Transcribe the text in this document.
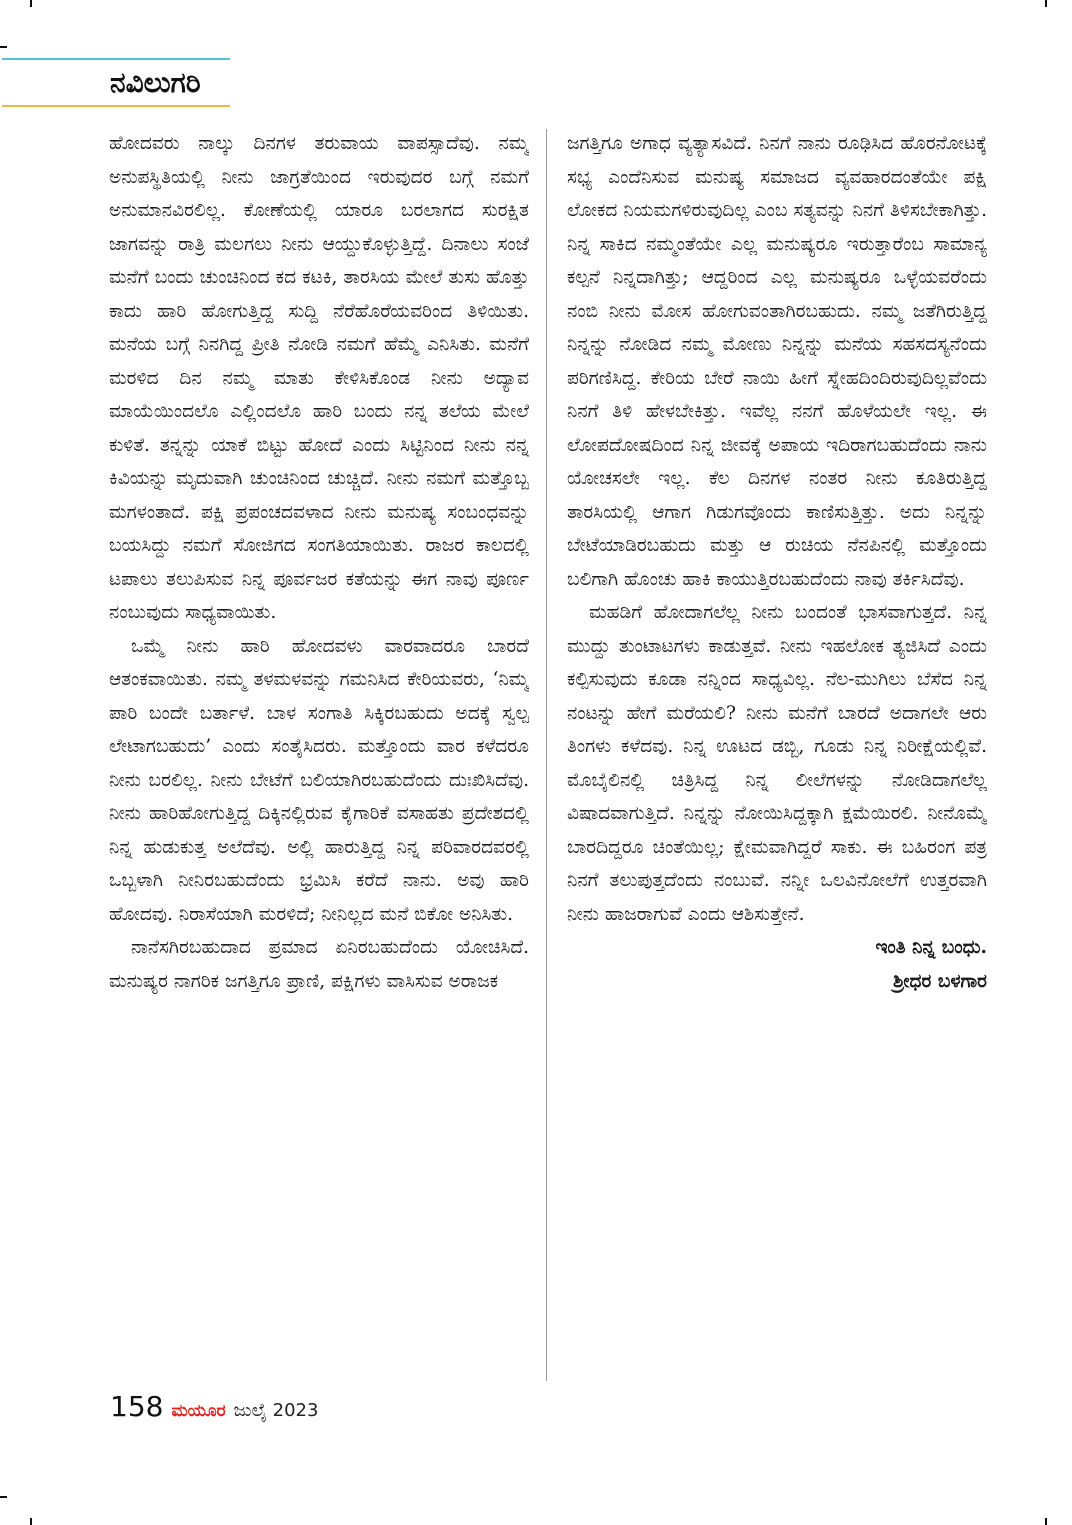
ನವಿಲುಗರಿ

ಹೋದವರು ನಾಲ್ಕು ದಿನಗಳ ತರುವಾಯ ವಾಪಸ್ಸಾದೆವು. ನಮ್ಮ ಅನುಪಸ್ಥಿತಿಯಲ್ಲಿ ನೀನು ಜಾಗ್ರತೆಯಿಂದ ಇರುವುದರ ಬಗ್ಗೆ ನಮಗೆ ಅನುಮಾನವಿರಲಿಲ್ಲ. ಕೋಣೆಯಲ್ಲಿ ಯಾರೂ ಬರಲಾಗದ ಸುರಕ್ಷಿತ ಜಾಗವನ್ನು ರಾತ್ರಿ ಮಲಗಲು ನೀನು ಆಯ್ದುಕೊಳ್ಳುತ್ತಿದ್ದೆ. ದಿನಾಲು ಸಂಜೆ ಮನೆಗೆ ಬಂದು ಚುಂಚಿನಿಂದ ಕದ ಕಟಕಿ, ತಾರಸಿಯ ಮೇಲೆ ತುಸು ಹೊತ್ತು ಕಾದು ಹಾರಿ ಹೋಗುತ್ತಿದ್ದ ಸುದ್ದಿ ನೆರೆಹೊರೆಯವರಿಂದ ತಿಳಿಯಿತು. ಮನೆಯ ಬಗ್ಗೆ ನಿನಗಿದ್ದ ಪ್ರೀತಿ ನೋಡಿ ನಮಗೆ ಹೆಮ್ಮೆ ಎನಿಸಿತು. ಮನೆಗೆ ಮರಳಿದ ದಿನ ನಮ್ಮ ಮಾತು ಕೇಳಿಸಿಕೊಂಡ ನೀನು ಅದ್ಯಾವ ಮಾಯೆಯಿಂದಲೊ ಎಲ್ಲಿಂದಲೊ ಹಾರಿ ಬಂದು ನನ್ನ ತಲೆಯ ಮೇಲೆ ಕುಳಿತೆ. ತನ್ನನ್ನು ಯಾಕೆ ಬಿಟ್ಟು ಹೋದೆ ಎಂದು ಸಿಟ್ಟಿನಿಂದ ನೀನು ನನ್ನ ಕಿವಿಯನ್ನು ಮೃದುವಾಗಿ ಚುಂಚಿನಿಂದ ಚುಚ್ಚಿದೆ. ನೀನು ನಮಗೆ ಮತ್ತೊಬ್ಬ ಮಗಳಂತಾದೆ. ಪಕ್ಷಿ ಪ್ರಪಂಚದವಳಾದ ನೀನು ಮನುಷ್ಯ ಸಂಬಂಧವನ್ನು ಬಯಸಿದ್ದು ನಮಗೆ ಸೋಜಿಗದ ಸಂಗತಿಯಾಯಿತು. ರಾಜರ ಕಾಲದಲ್ಲಿ ಟಪಾಲು ತಲುಪಿಸುವ ನಿನ್ನ ಪೂರ್ವಜರ ಕತೆಯನ್ನು ಈಗ ನಾವು ಪೂರ್ಣ ನಂಬುವುದು ಸಾಧ್ಯವಾಯಿತು.

ಒಮ್ಮೆ ನೀನು ಹಾರಿ ಹೋದವಳು ವಾರವಾದರೂ ಬಾರದೆ ಆತಂಕವಾಯಿತು. ನಮ್ಮ ತಳಮಳವನ್ನು ಗಮನಿಸಿದ ಕೇರಿಯವರು, ‘ನಿಮ್ಮ ಪಾರಿ ಬಂದೇ ಬರ್ತಾಳೆ. ಬಾಳ ಸಂಗಾತಿ ಸಿಕ್ಕಿರಬಹುದು ಅದಕ್ಕೆ ಸ್ವಲ್ಪ ಲೇಟಾಗಬಹುದು’ ಎಂದು ಸಂತೈಸಿದರು. ಮತ್ತೊಂದು ವಾರ ಕಳೆದರೂ ನೀನು ಬರಲಿಲ್ಲ. ನೀನು ಬೇಟೆಗೆ ಬಲಿಯಾಗಿರಬಹುದೆಂದು ದುಃಖಿಸಿದೆವು. ನೀನು ಹಾರಿಹೋಗುತ್ತಿದ್ದ ದಿಕ್ಕಿನಲ್ಲಿರುವ ಕೈಗಾರಿಕೆ ವಸಾಹತು ಪ್ರದೇಶದಲ್ಲಿ ನಿನ್ನ ಹುಡುಕುತ್ತ ಅಲೆದೆವು. ಅಲ್ಲಿ ಹಾರುತ್ತಿದ್ದ ನಿನ್ನ ಪರಿವಾರದವರಲ್ಲಿ ಒಬ್ಬಳಾಗಿ ನೀನಿರಬಹುದೆಂದು ಭ್ರಮಿಸಿ ಕರೆದೆ ನಾನು. ಅವು ಹಾರಿ ಹೋದವು. ನಿರಾಸೆಯಾಗಿ ಮರಳಿದೆ; ನೀನಿಲ್ಲದ ಮನೆ ಬಿಕೋ ಅನಿಸಿತು.

ನಾನೆಸಗಿರಬಹುದಾದ ಪ್ರಮಾದ ಏನಿರಬಹುದೆಂದು ಯೋಚಿಸಿದೆ. ಮನುಷ್ಯರ ನಾಗರಿಕ ಜಗತ್ತಿಗೂ ಪ್ರಾಣಿ, ಪಕ್ಷಿಗಳು ವಾಸಿಸುವ ಅರಾಜಕ

ಜಗತ್ತಿಗೂ ಅಗಾಧ ವ್ಯತ್ಯಾಸವಿದೆ. ನಿನಗೆ ನಾನು ರೂಢಿಸಿದ ಹೊರನೋಟಕ್ಕೆ ಸಭ್ಯ ಎಂದೆನಿಸುವ ಮನುಷ್ಯ ಸಮಾಜದ ವ್ಯವಹಾರದಂತೆಯೇ ಪಕ್ಷಿ ಲೋಕದ ನಿಯಮಗಳಿರುವುದಿಲ್ಲ ಎಂಬ ಸತ್ಯವನ್ನು ನಿನಗೆ ತಿಳಿಸಬೇಕಾಗಿತ್ತು. ನಿನ್ನ ಸಾಕಿದ ನಮ್ಮಂತೆಯೇ ಎಲ್ಲ ಮನುಷ್ಯರೂ ಇರುತ್ತಾರೆಂಬ ಸಾಮಾನ್ಯ ಕಲ್ಪನೆ ನಿನ್ನದಾಗಿತ್ತು; ಆದ್ದರಿಂದ ಎಲ್ಲ ಮನುಷ್ಯರೂ ಒಳ್ಳೆಯವರೆಂದು ನಂಬಿ ನೀನು ಮೋಸ ಹೋಗುವಂತಾಗಿರಬಹುದು. ನಮ್ಮ ಜತೆಗಿರುತ್ತಿದ್ದ ನಿನ್ನನ್ನು ನೋಡಿದ ನಮ್ಮ ಮೋಣು ನಿನ್ನನ್ನು ಮನೆಯ ಸಹಸದಸ್ಯನೆಂದು ಪರಿಗಣಿಸಿದ್ದ. ಕೇರಿಯ ಬೇರೆ ನಾಯಿ ಹೀಗೆ ಸ್ನೇಹದಿಂದಿರುವುದಿಲ್ಲವೆಂದು ನಿನಗೆ ತಿಳಿ ಹೇಳಬೇಕಿತ್ತು. ಇವೆಲ್ಲ ನನಗೆ ಹೊಳೆಯಲೇ ಇಲ್ಲ. ಈ ಲೋಪದೋಷದಿಂದ ನಿನ್ನ ಜೀವಕ್ಕೆ ಅಪಾಯ ಇದಿರಾಗಬಹುದೆಂದು ನಾನು ಯೋಚಸಲೇ ಇಲ್ಲ. ಕೆಲ ದಿನಗಳ ನಂತರ ನೀನು ಕೂತಿರುತ್ತಿದ್ದ ತಾರಸಿಯಲ್ಲಿ ಆಗಾಗ ಗಿಡುಗವೊಂದು ಕಾಣಿಸುತ್ತಿತ್ತು. ಅದು ನಿನ್ನನ್ನು ಬೇಟೆಯಾಡಿರಬಹುದು ಮತ್ತು ಆ ರುಚಿಯ ನೆನಪಿನಲ್ಲಿ ಮತ್ತೊಂದು ಬಲಿಗಾಗಿ ಹೊಂಚು ಹಾಕಿ ಕಾಯುತ್ತಿರಬಹುದೆಂದು ನಾವು ತರ್ಕಿಸಿದೆವು.

ಮಹಡಿಗೆ ಹೋದಾಗಲೆಲ್ಲ ನೀನು ಬಂದಂತೆ ಭಾಸವಾಗುತ್ತದೆ. ನಿನ್ನ ಮುದ್ದು ತುಂಟಾಟಗಳು ಕಾಡುತ್ತವೆ. ನೀನು ಇಹಲೋಕ ತ್ಯಜಿಸಿದೆ ಎಂದು ಕಲ್ಪಿಸುವುದು ಕೂಡಾ ನನ್ನಿಂದ ಸಾಧ್ಯವಿಲ್ಲ. ನೆಲ-ಮುಗಿಲು ಬೆಸೆದ ನಿನ್ನ ನಂಟನ್ನು ಹೇಗೆ ಮರೆಯಲಿ? ನೀನು ಮನೆಗೆ ಬಾರದೆ ಅದಾಗಲೇ ಆರು ತಿಂಗಳು ಕಳೆದವು. ನಿನ್ನ ಊಟದ ಡಬ್ಬಿ, ಗೂಡು ನಿನ್ನ ನಿರೀಕ್ಷೆಯಲ್ಲಿವೆ. ಮೊಬೈಲಿನಲ್ಲಿ ಚಿತ್ರಿಸಿದ್ದ ನಿನ್ನ ಲೀಲೆಗಳನ್ನು ನೋಡಿದಾಗಲೆಲ್ಲ ವಿಷಾದವಾಗುತ್ತಿದೆ. ನಿನ್ನನ್ನು ನೋಯಿಸಿದ್ದಕ್ಕಾಗಿ ಕ್ಷಮೆಯಿರಲಿ. ನೀನೊಮ್ಮೆ ಬಾರದಿದ್ದರೂ ಚಿಂತೆಯಿಲ್ಲ; ಕ್ಷೇಮವಾಗಿದ್ದರೆ ಸಾಕು. ಈ ಬಹಿರಂಗ ಪತ್ರ ನಿನಗೆ ತಲುಪುತ್ತದೆಂದು ನಂಬುವೆ. ನನ್ನೀ ಒಲವಿನೋಲೆಗೆ ಉತ್ತರವಾಗಿ ನೀನು ಹಾಜರಾಗುವೆ ಎಂದು ಆಶಿಸುತ್ತೇನೆ.

ಇಂತಿ ನಿನ್ನ ಬಂಧು.

ಶ್ರೀಧರ ಬಳಗಾರ

158 ಮಯೂರ ಜುಲೈ 2023
